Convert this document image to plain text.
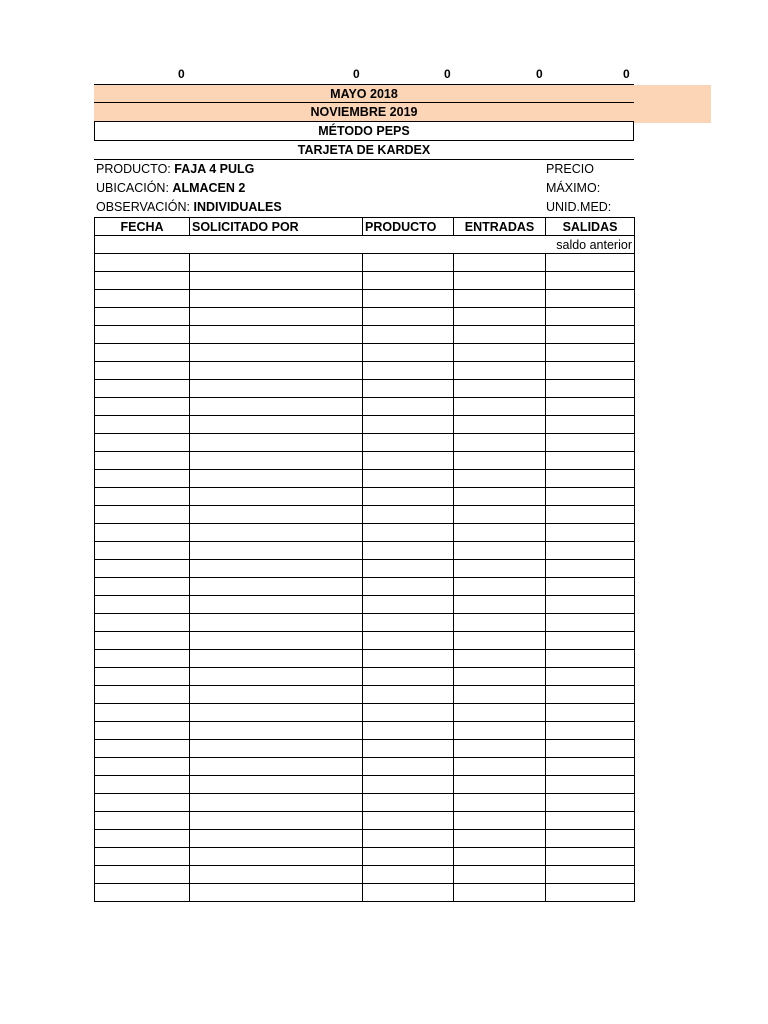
0	0	0	0	0
MAYO 2018
NOVIEMBRE 2019
MÉTODO PEPS
TARJETA DE KARDEX
PRODUCTO: FAJA 4 PULG	PRECIO
UBICACIÓN: ALMACEN 2	MÁXIMO:
OBSERVACIÓN: INDIVIDUALES	UNID.MED:
FECHA	SOLICITADO POR	PRODUCTO	ENTRADAS	SALIDAS
				saldo anterior
